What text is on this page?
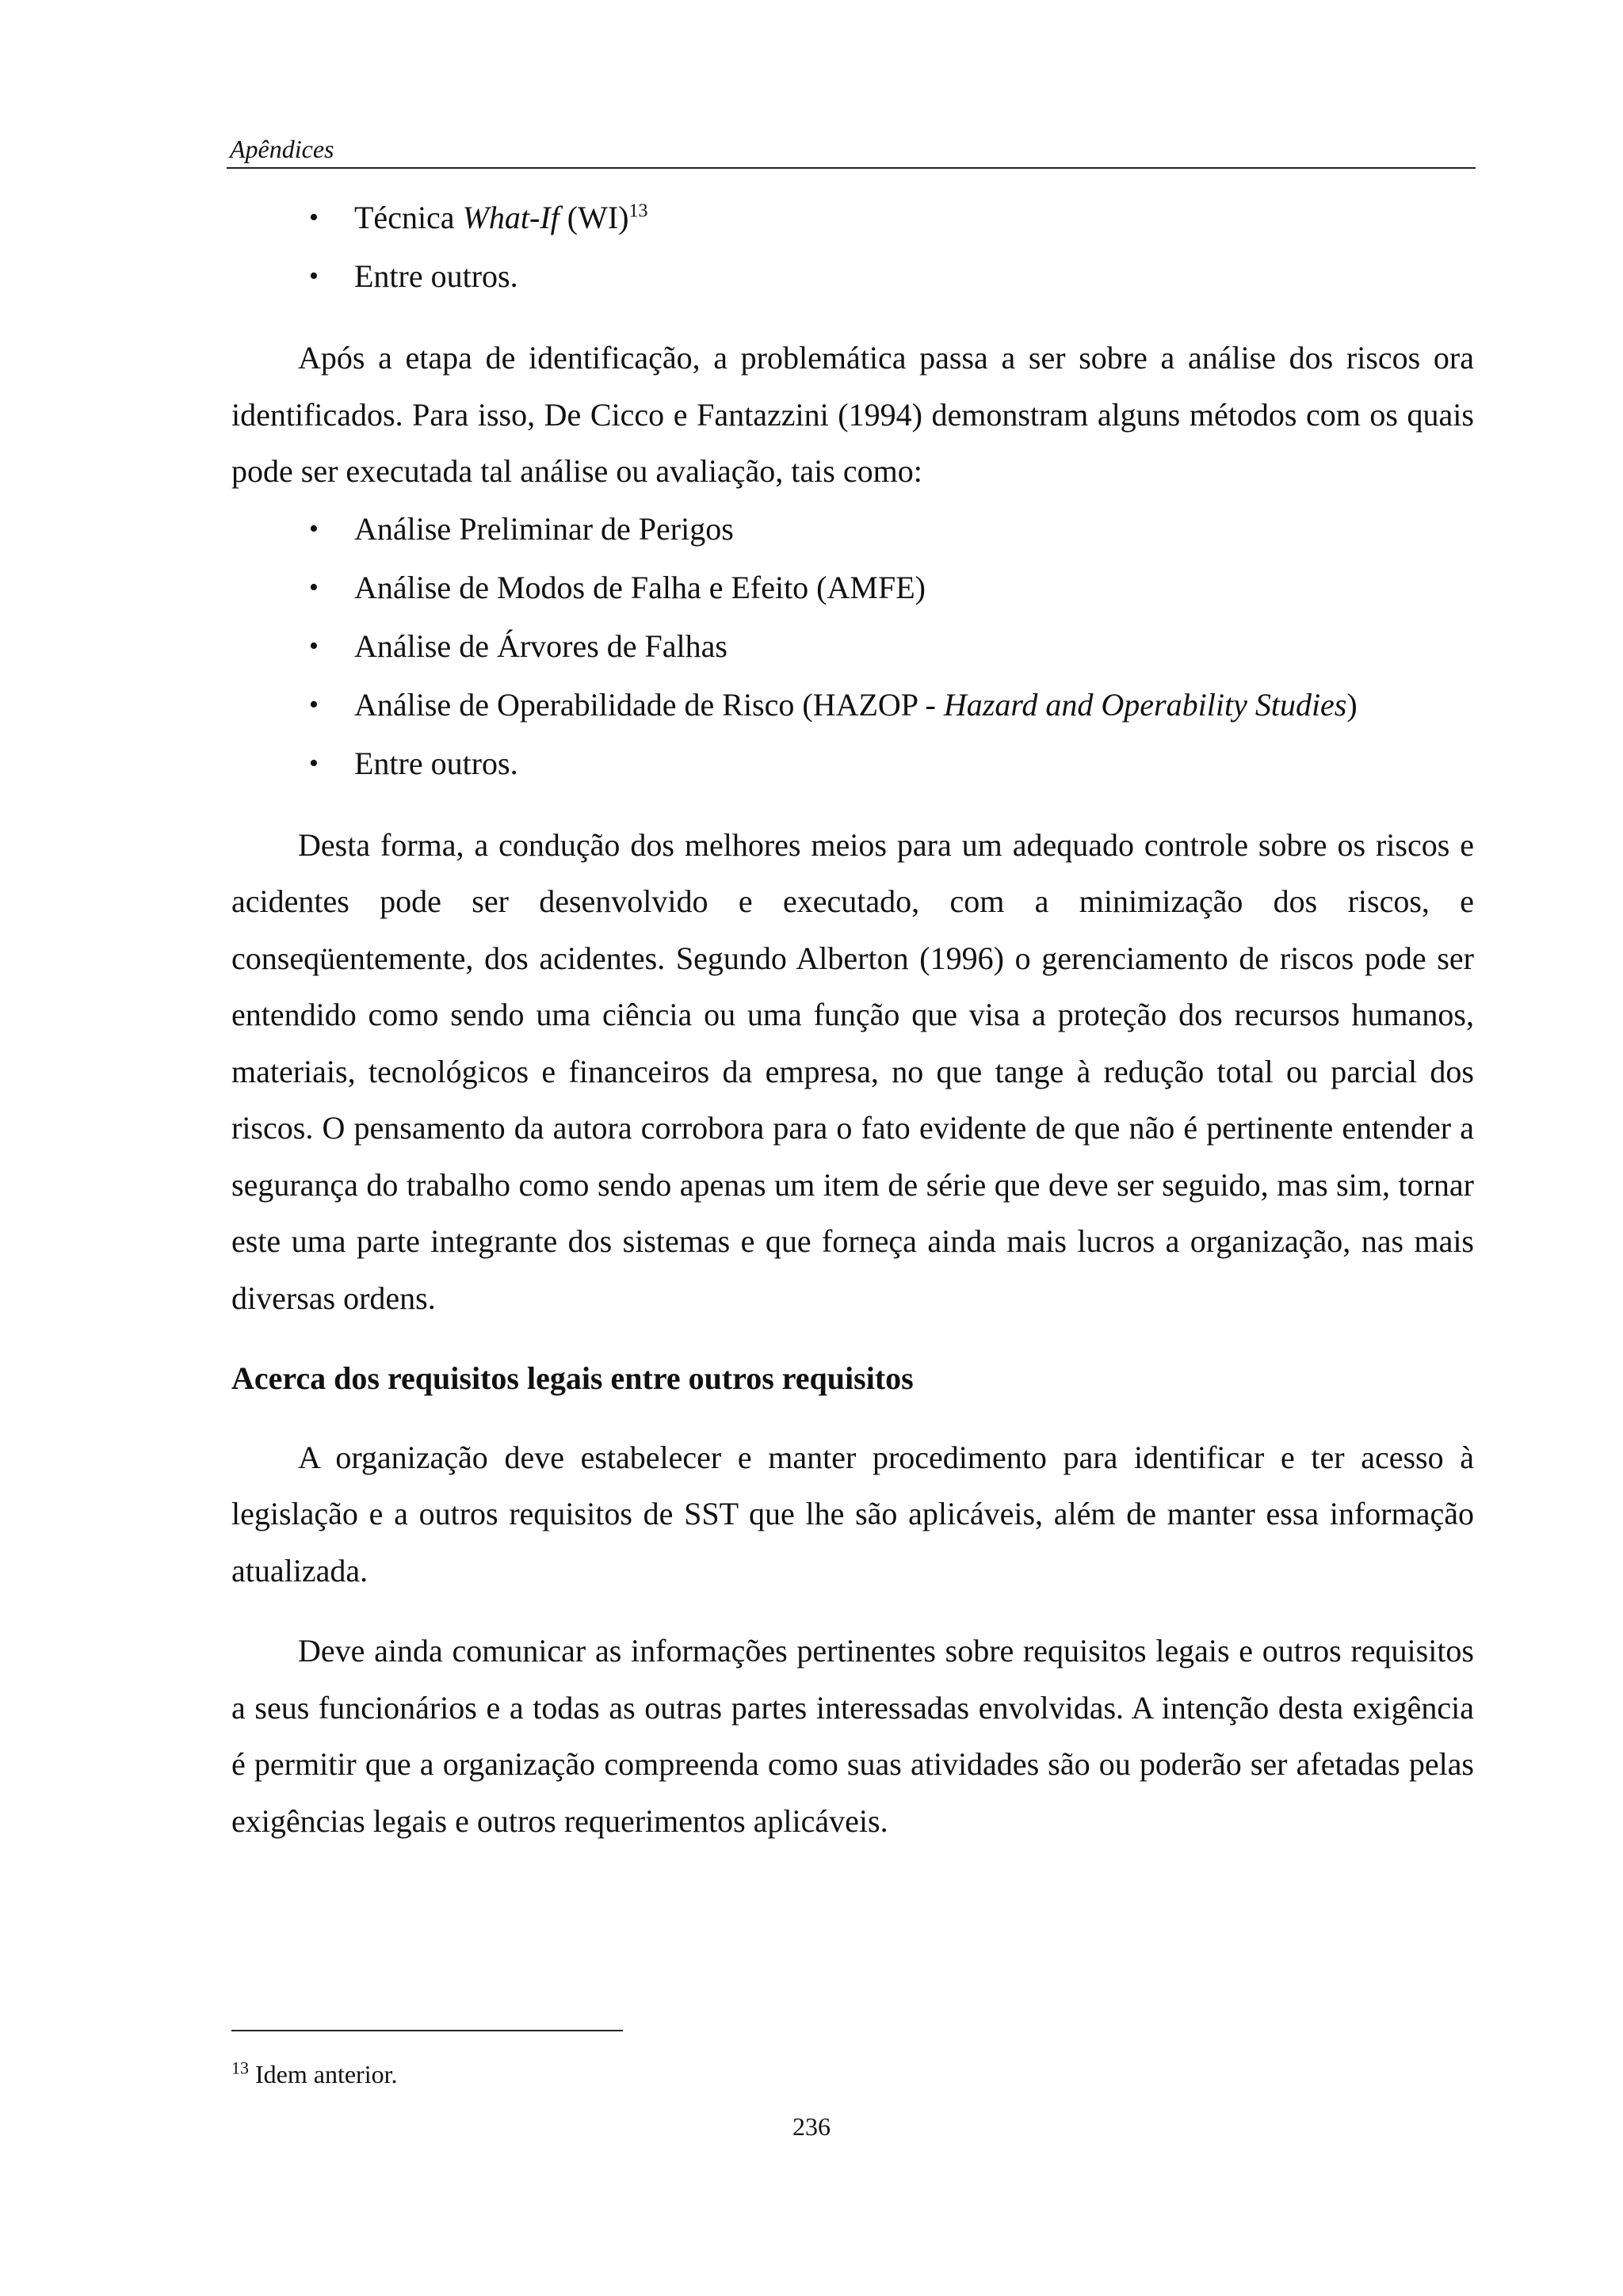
Apêndices
• Técnica What-If (WI)$^{13}$
• Entre outros.

Após a etapa de identificação, a problemática passa a ser sobre a análise dos riscos ora identificados. Para isso, De Cicco e Fantazzini (1994) demonstram alguns métodos com os quais pode ser executada tal análise ou avaliação, tais como:

• Análise Preliminar de Perigos
• Análise de Modos de Falha e Efeito (AMFE)
• Análise de Árvores de Falhas
• Análise de Operabilidade de Risco (HAZOP - Hazard and Operability Studies)
• Entre outros.

Desta forma, a condução dos melhores meios para um adequado controle sobre os riscos e acidentes pode ser desenvolvido e executado, com a minimização dos riscos, e conseqüentemente, dos acidentes. Segundo Alberton (1996) o gerenciamento de riscos pode ser entendido como sendo uma ciência ou uma função que visa a proteção dos recursos humanos, materiais, tecnológicos e financeiros da empresa, no que tange à redução total ou parcial dos riscos. O pensamento da autora corrobora para o fato evidente de que não é pertinente entender a segurança do trabalho como sendo apenas um item de série que deve ser seguido, mas sim, tornar este uma parte integrante dos sistemas e que forneça ainda mais lucros a organização, nas mais diversas ordens.

Acerca dos requisitos legais entre outros requisitos

A organização deve estabelecer e manter procedimento para identificar e ter acesso à legislação e a outros requisitos de SST que lhe são aplicáveis, além de manter essa informação atualizada.

Deve ainda comunicar as informações pertinentes sobre requisitos legais e outros requisitos a seus funcionários e a todas as outras partes interessadas envolvidas. A intenção desta exigência é permitir que a organização compreenda como suas atividades são ou poderão ser afetadas pelas exigências legais e outros requerimentos aplicáveis.

$^{13}$ Idem anterior.
236
